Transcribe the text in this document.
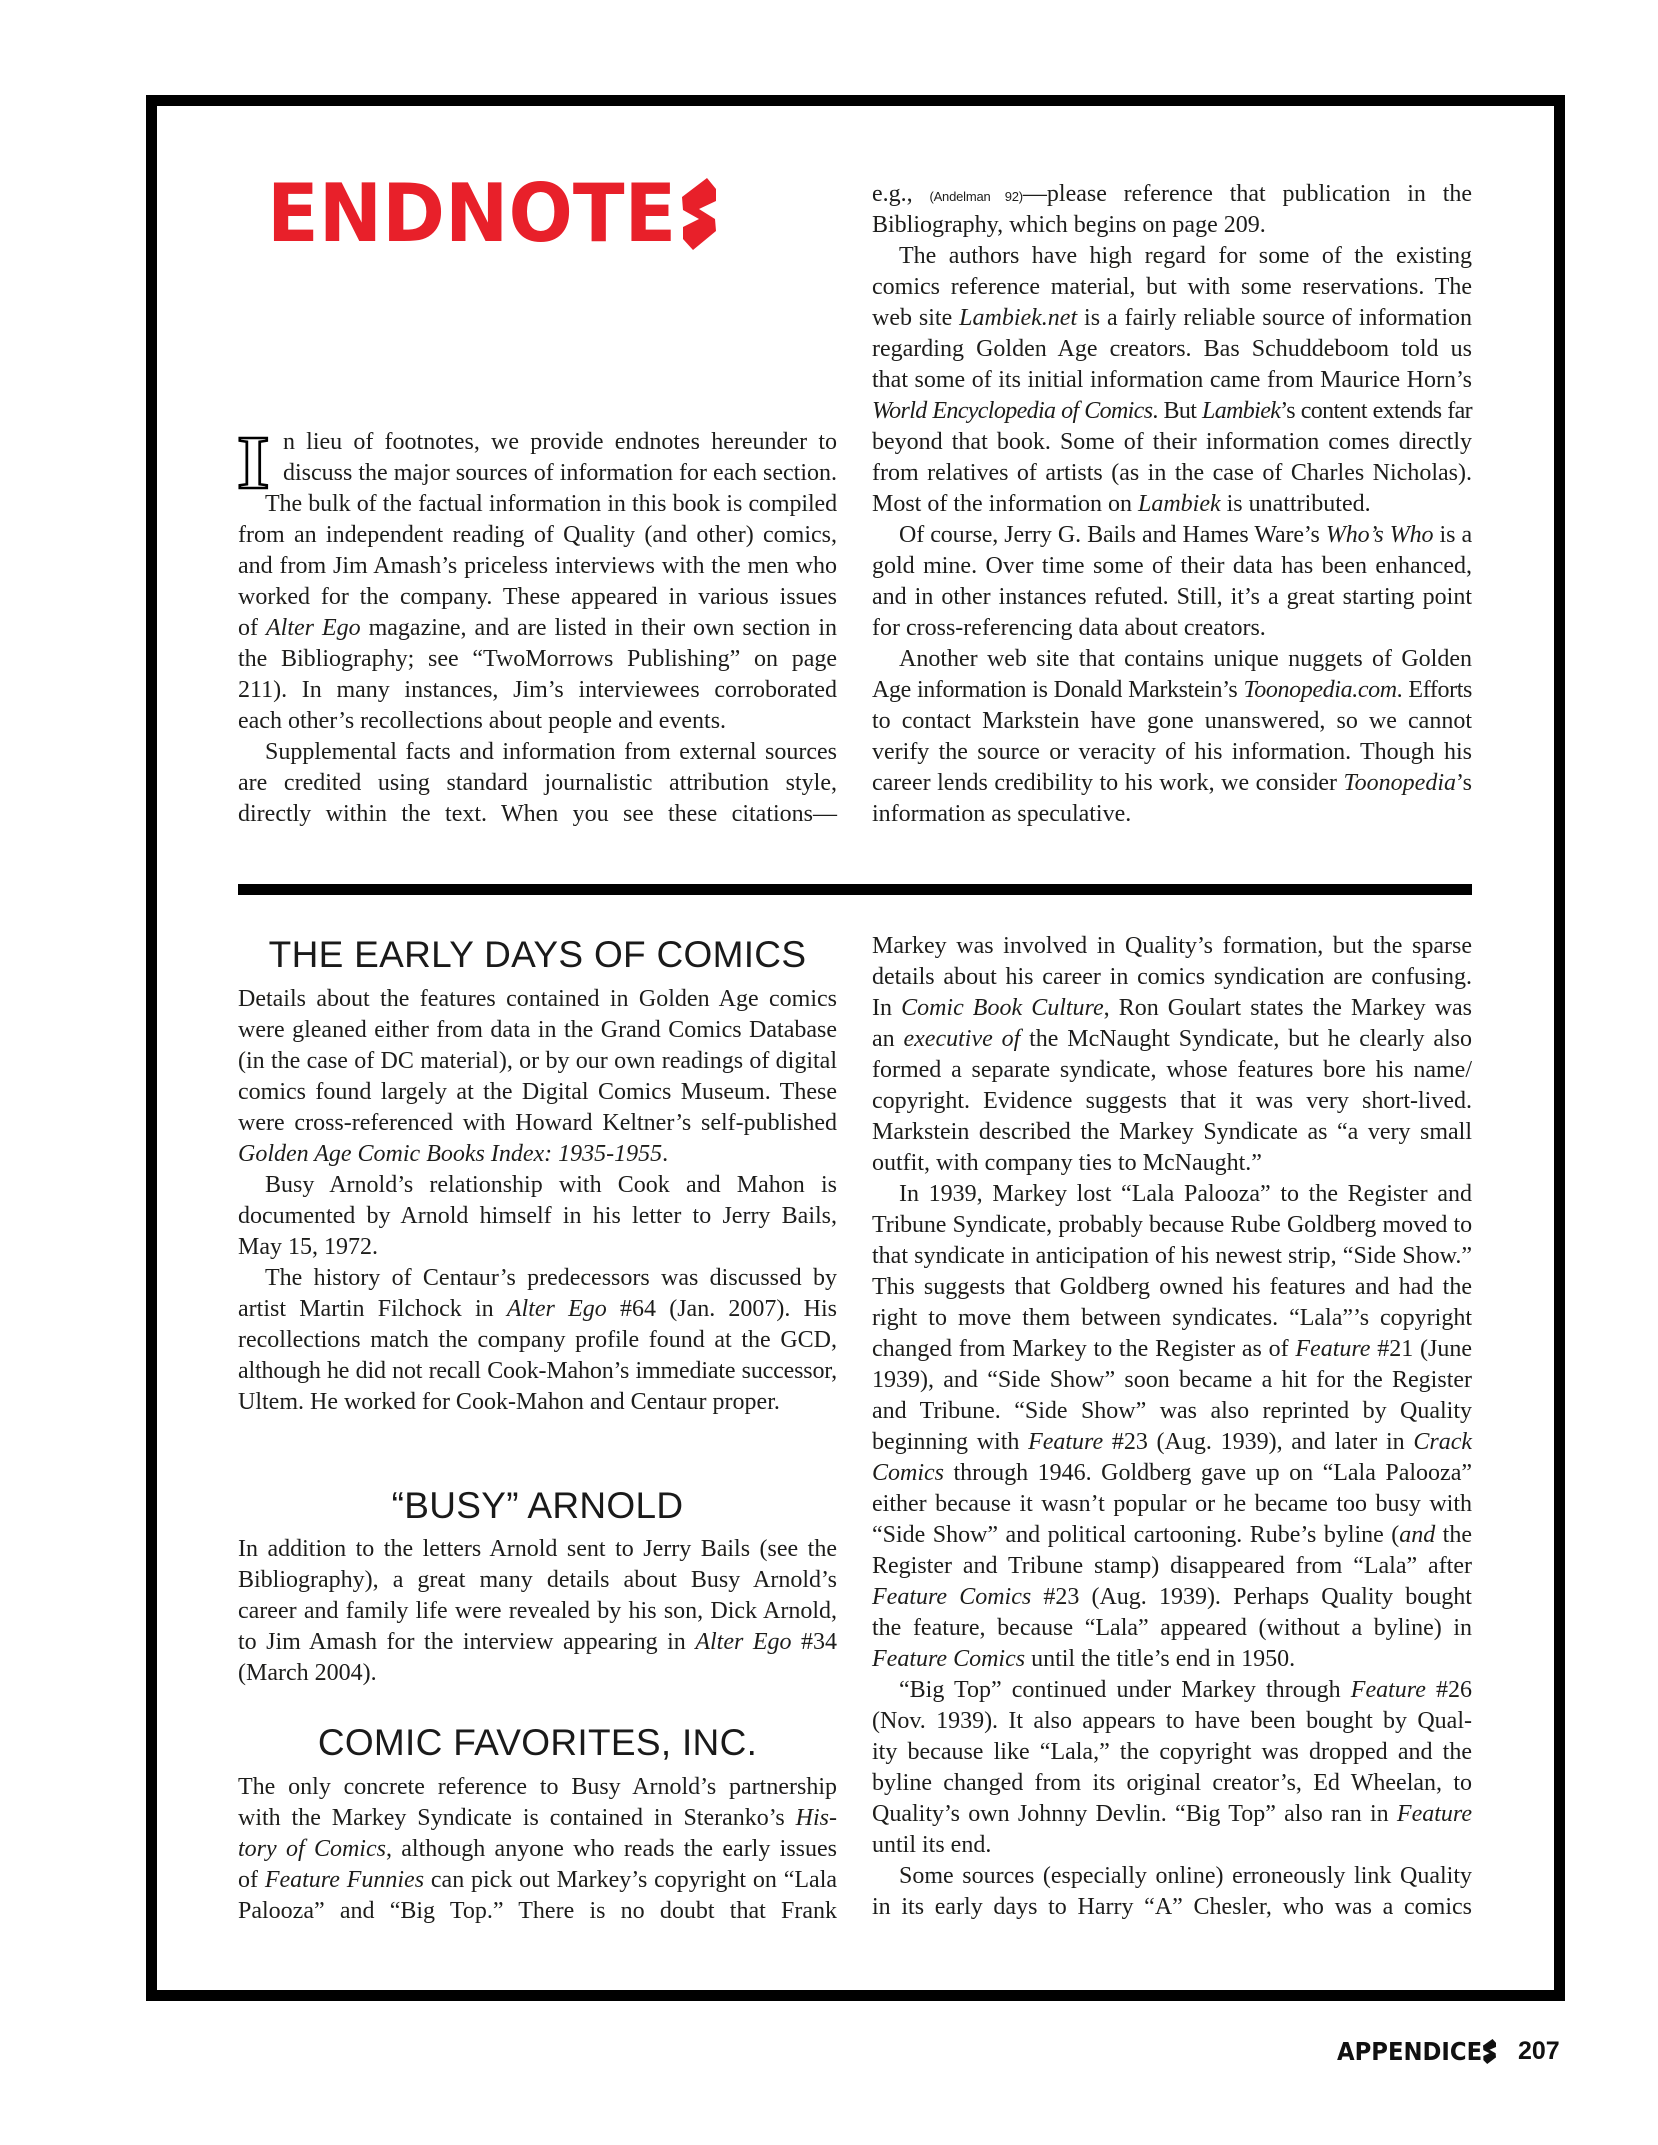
ENDNOTE
I n lieu of footnotes, we provide endnotes hereunder to
discuss the major sources of information for each section.
The bulk of the factual information in this book is compiled
from an independent reading of Quality (and other) comics,
and from Jim Amash’s priceless interviews with the men who
worked for the company. These appeared in various issues
of Alter Ego magazine, and are listed in their own section in
the Bibliography; see “TwoMorrows Publishing” on page
211). In many instances, Jim’s interviewees corroborated
each other’s recollections about people and events.
Supplemental facts and information from external sources
are credited using standard journalistic attribution style,
directly within the text. When you see these citations—
e.g., (Andelman 92)—please reference that publication in the
Bibliography, which begins on page 209.
The authors have high regard for some of the existing
comics reference material, but with some reservations. The
web site Lambiek.net is a fairly reliable source of information
regarding Golden Age creators. Bas Schuddeboom told us
that some of its initial information came from Maurice Horn’s
World Encyclopedia of Comics. But Lambiek’s content extends far
beyond that book. Some of their information comes directly
from relatives of artists (as in the case of Charles Nicholas).
Most of the information on Lambiek is unattributed.
Of course, Jerry G. Bails and Hames Ware’s Who’s Who is a
gold mine. Over time some of their data has been enhanced,
and in other instances refuted. Still, it’s a great starting point
for cross-referencing data about creators.
Another web site that contains unique nuggets of Golden
Age information is Donald Markstein’s Toonopedia.com. Efforts
to contact Markstein have gone unanswered, so we cannot
verify the source or veracity of his information. Though his
career lends credibility to his work, we consider Toonopedia’s
information as speculative.
THE EARLY DAYS OF COMICS
Details about the features contained in Golden Age comics
were gleaned either from data in the Grand Comics Database
(in the case of DC material), or by our own readings of digital
comics found largely at the Digital Comics Museum. These
were cross-referenced with Howard Keltner’s self-published
Golden Age Comic Books Index: 1935-1955.
Busy Arnold’s relationship with Cook and Mahon is
documented by Arnold himself in his letter to Jerry Bails,
May 15, 1972.
The history of Centaur’s predecessors was discussed by
artist Martin Filchock in Alter Ego #64 (Jan. 2007). His
recollections match the company profile found at the GCD,
although he did not recall Cook-Mahon’s immediate successor,
Ultem. He worked for Cook-Mahon and Centaur proper.
“BUSY” ARNOLD
In addition to the letters Arnold sent to Jerry Bails (see the
Bibliography), a great many details about Busy Arnold’s
career and family life were revealed by his son, Dick Arnold,
to Jim Amash for the interview appearing in Alter Ego #34
(March 2004).
COMIC FAVORITES, INC.
The only concrete reference to Busy Arnold’s partnership
with the Markey Syndicate is contained in Steranko’s His-
tory of Comics, although anyone who reads the early issues
of Feature Funnies can pick out Markey’s copyright on “Lala
Palooza” and “Big Top.” There is no doubt that Frank
Markey was involved in Quality’s formation, but the sparse
details about his career in comics syndication are confusing.
In Comic Book Culture, Ron Goulart states the Markey was
an executive of the McNaught Syndicate, but he clearly also
formed a separate syndicate, whose features bore his name/
copyright. Evidence suggests that it was very short-lived.
Markstein described the Markey Syndicate as “a very small
outfit, with company ties to McNaught.”
In 1939, Markey lost “Lala Palooza” to the Register and
Tribune Syndicate, probably because Rube Goldberg moved to
that syndicate in anticipation of his newest strip, “Side Show.”
This suggests that Goldberg owned his features and had the
right to move them between syndicates. “Lala”’s copyright
changed from Markey to the Register as of Feature #21 (June
1939), and “Side Show” soon became a hit for the Register
and Tribune. “Side Show” was also reprinted by Quality
beginning with Feature #23 (Aug. 1939), and later in Crack
Comics through 1946. Goldberg gave up on “Lala Palooza”
either because it wasn’t popular or he became too busy with
“Side Show” and political cartooning. Rube’s byline (and the
Register and Tribune stamp) disappeared from “Lala” after
Feature Comics #23 (Aug. 1939). Perhaps Quality bought
the feature, because “Lala” appeared (without a byline) in
Feature Comics until the title’s end in 1950.
“Big Top” continued under Markey through Feature #26
(Nov. 1939). It also appears to have been bought by Qual-
ity because like “Lala,” the copyright was dropped and the
byline changed from its original creator’s, Ed Wheelan, to
Quality’s own Johnny Devlin. “Big Top” also ran in Feature
until its end.
Some sources (especially online) erroneously link Quality
in its early days to Harry “A” Chesler, who was a comics
APPENDICE 207
